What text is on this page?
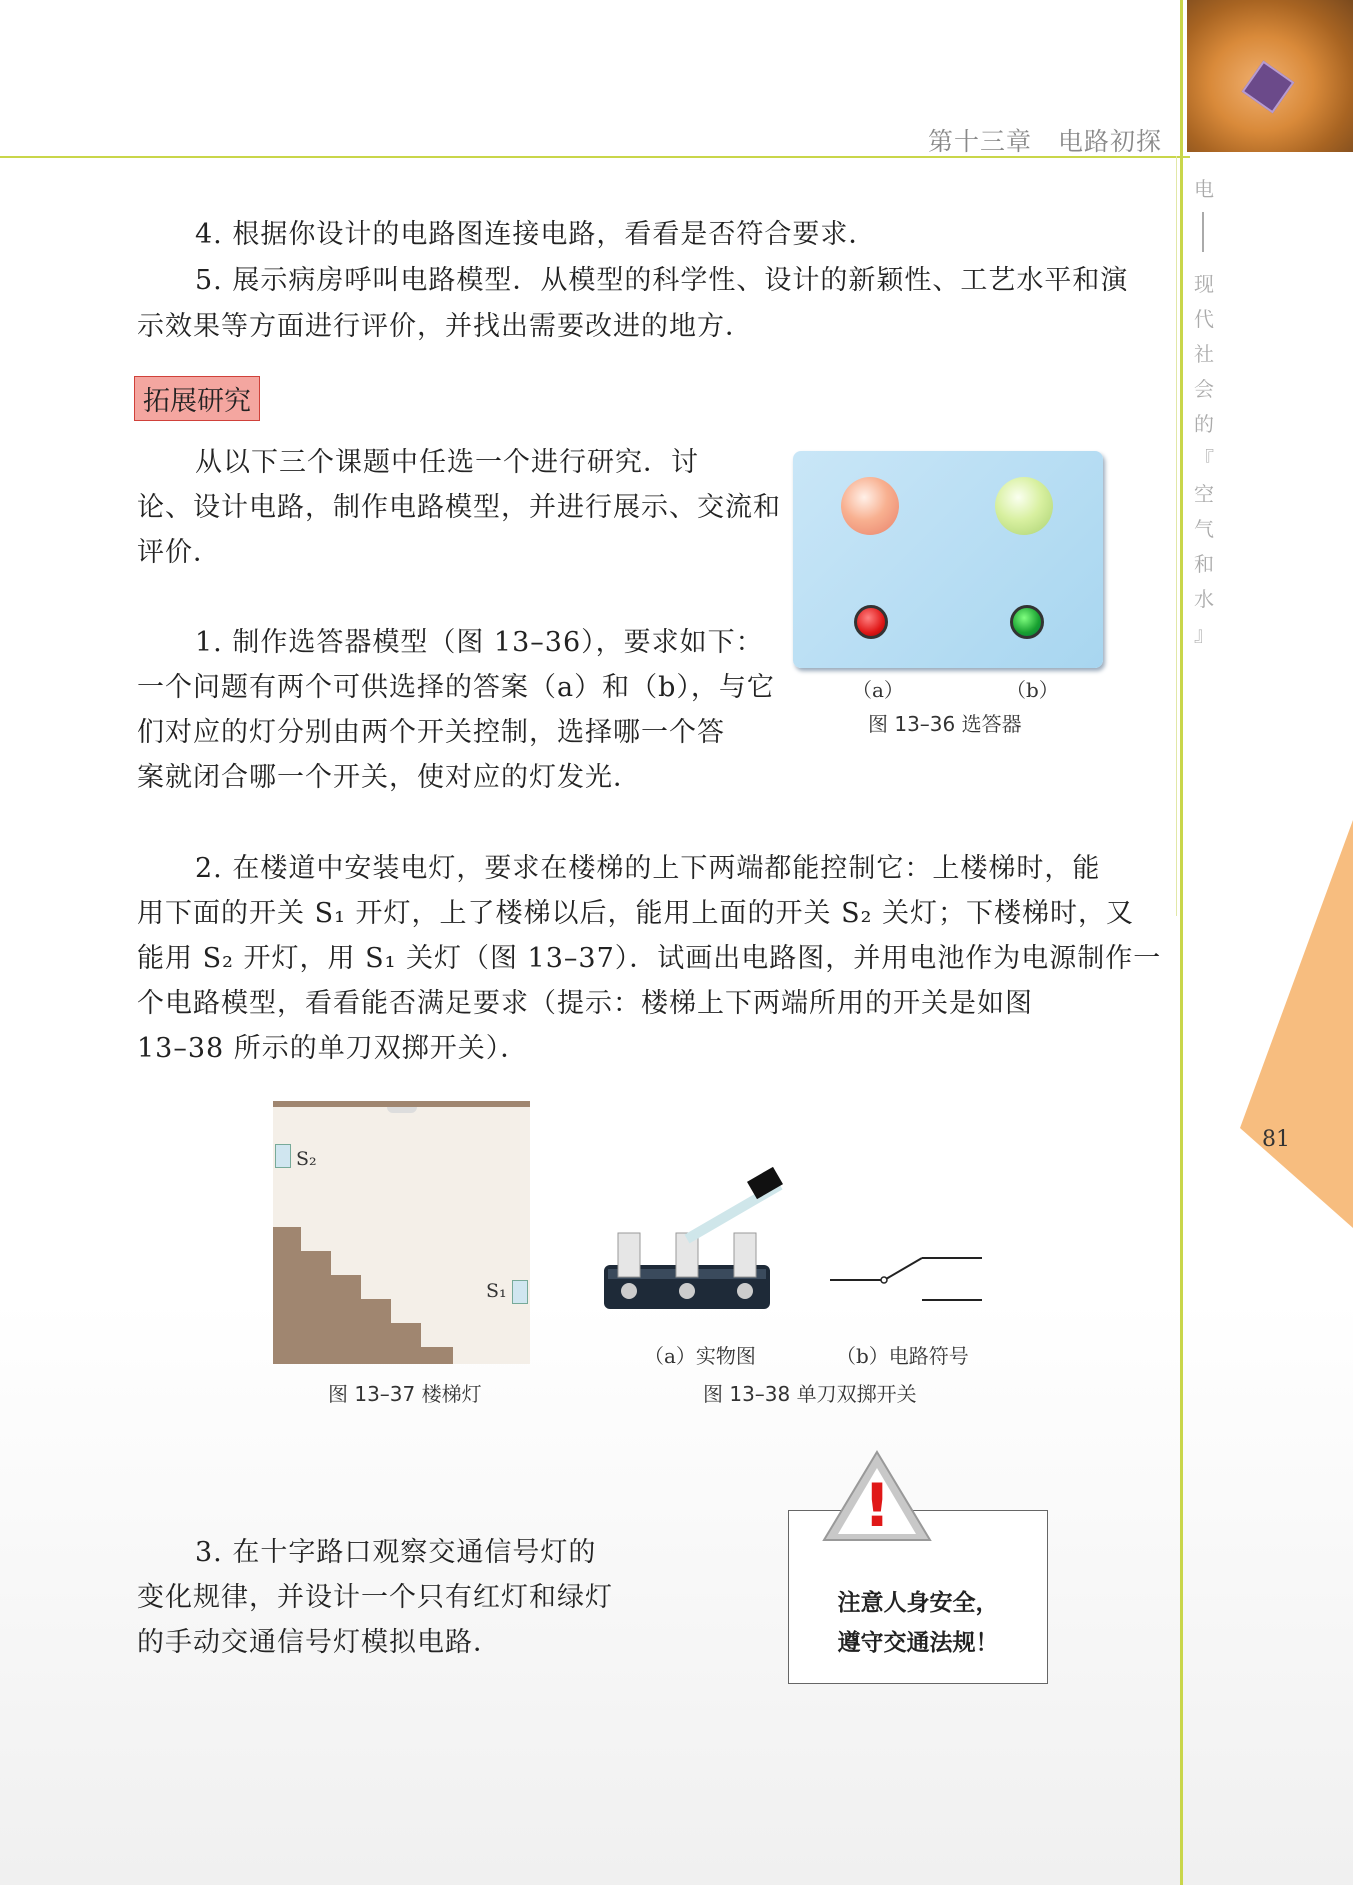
第十三章　电路初探
电
现
代
社
会
的
『
空
气
和
水
』
4. 根据你设计的电路图连接电路，看看是否符合要求．
5. 展示病房呼叫电路模型．从模型的科学性、设计的新颖性、工艺水平和演
示效果等方面进行评价，并找出需要改进的地方．
拓展研究
从以下三个课题中任选一个进行研究．讨
论、设计电路，制作电路模型，并进行展示、交流和
评价．
1. 制作选答器模型（图 13–36），要求如下：
一个问题有两个可供选择的答案（a）和（b），与它
们对应的灯分别由两个开关控制，选择哪一个答
案就闭合哪一个开关，使对应的灯发光．
（a）	（b）
图 13–36 选答器
2. 在楼道中安装电灯，要求在楼梯的上下两端都能控制它：上楼梯时，能
用下面的开关 S₁ 开灯，上了楼梯以后，能用上面的开关 S₂ 关灯；下楼梯时，又
能用 S₂ 开灯，用 S₁ 关灯（图 13–37）．试画出电路图，并用电池作为电源制作一
个电路模型，看看能否满足要求（提示：楼梯上下两端所用的开关是如图
13–38 所示的单刀双掷开关）．
S₂
S₁
图 13–37 楼梯灯
（a）实物图	（b）电路符号
图 13–38 单刀双掷开关
3. 在十字路口观察交通信号灯的
变化规律，并设计一个只有红灯和绿灯
的手动交通信号灯模拟电路．
注意人身安全，
遵守交通法规！
!
81
